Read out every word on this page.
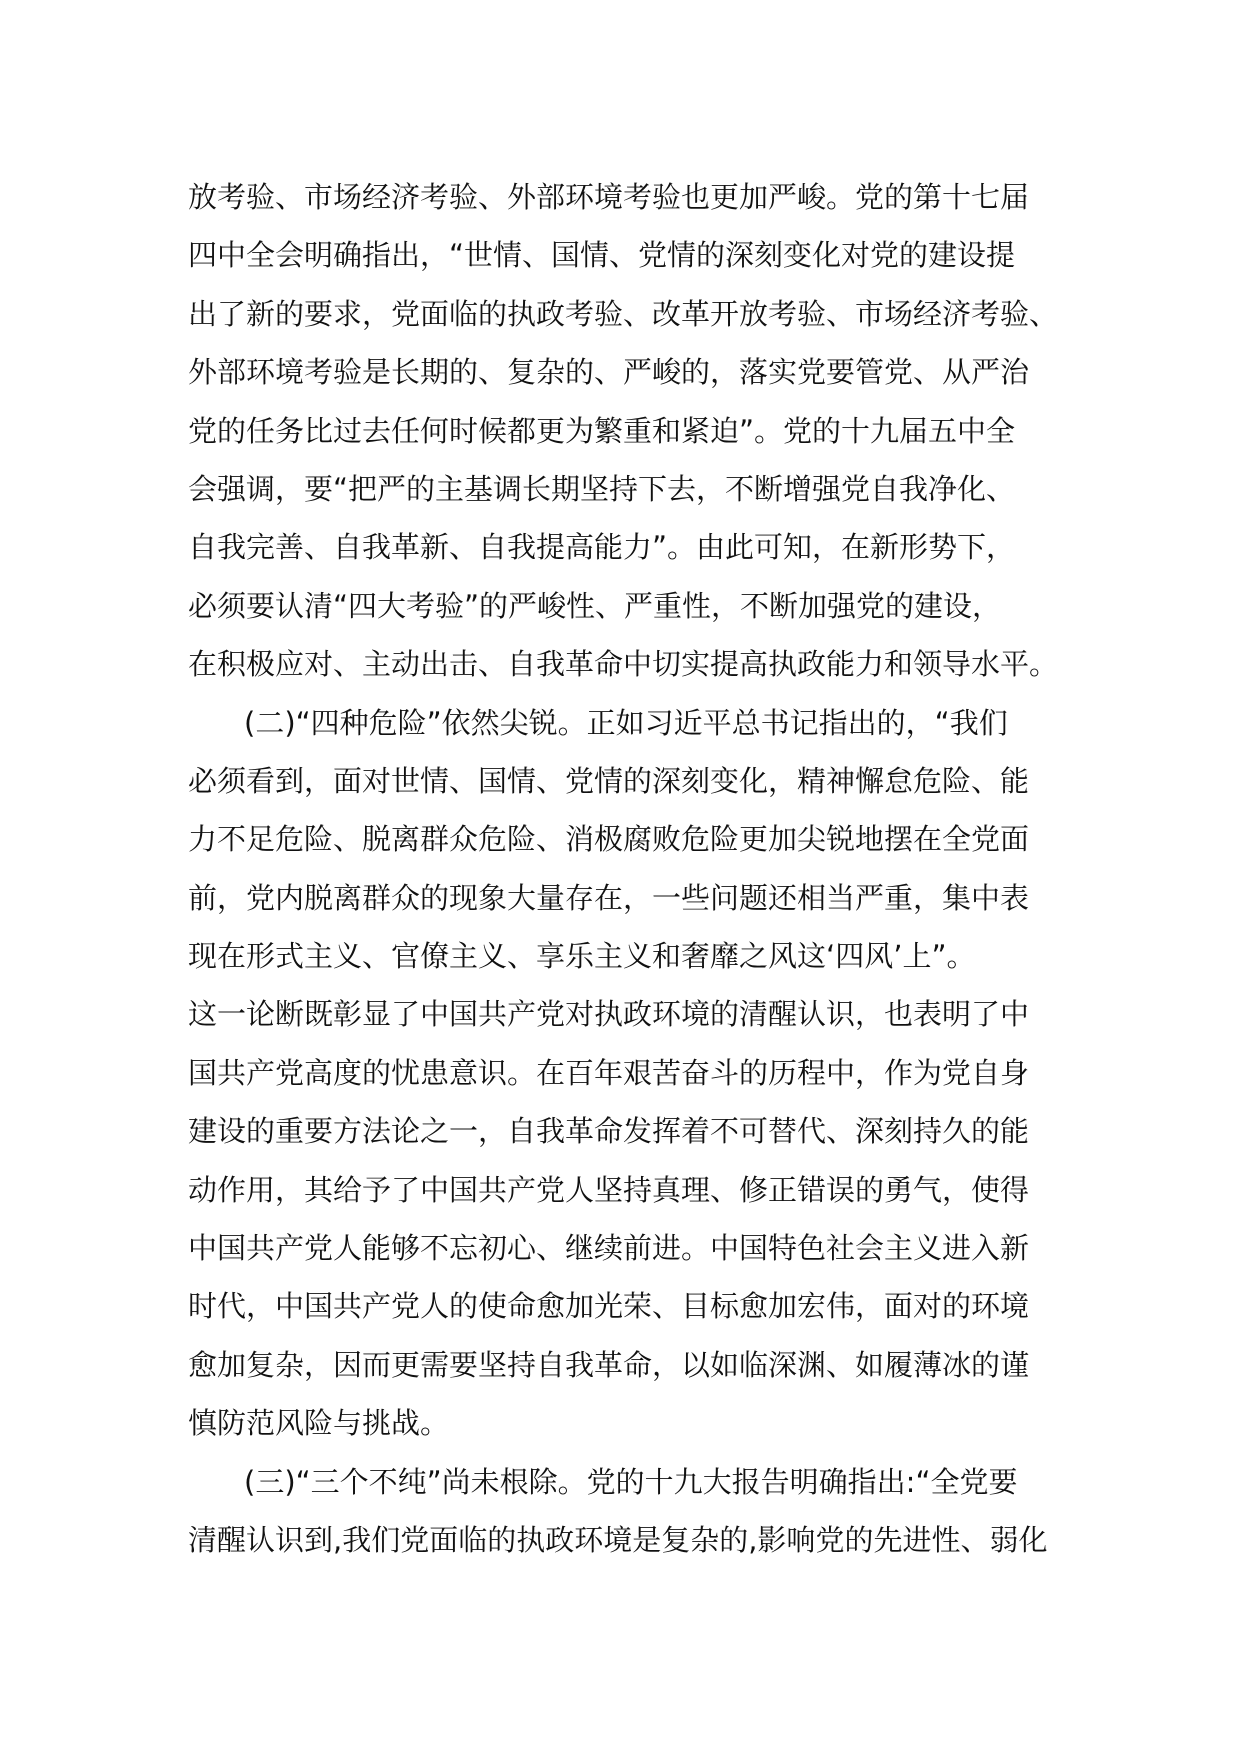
放考验、市场经济考验、外部环境考验也更加严峻。党的第十七届
四中全会明确指出，“世情、国情、党情的深刻变化对党的建设提
出了新的要求，党面临的执政考验、改革开放考验、市场经济考验、
外部环境考验是长期的、复杂的、严峻的，落实党要管党、从严治
党的任务比过去任何时候都更为繁重和紧迫”。党的十九届五中全
会强调，要“把严的主基调长期坚持下去，不断增强党自我净化、
自我完善、自我革新、自我提高能力”。由此可知，在新形势下，
必须要认清“四大考验”的严峻性、严重性，不断加强党的建设，
在积极应对、主动出击、自我革命中切实提高执政能力和领导水平。
(二)“四种危险”依然尖锐。正如习近平总书记指出的，“我们
必须看到，面对世情、国情、党情的深刻变化，精神懈怠危险、能
力不足危险、脱离群众危险、消极腐败危险更加尖锐地摆在全党面
前，党内脱离群众的现象大量存在，一些问题还相当严重，集中表
现在形式主义、官僚主义、享乐主义和奢靡之风这‘四风’上”。
这一论断既彰显了中国共产党对执政环境的清醒认识，也表明了中
国共产党高度的忧患意识。在百年艰苦奋斗的历程中，作为党自身
建设的重要方法论之一，自我革命发挥着不可替代、深刻持久的能
动作用，其给予了中国共产党人坚持真理、修正错误的勇气，使得
中国共产党人能够不忘初心、继续前进。中国特色社会主义进入新
时代，中国共产党人的使命愈加光荣、目标愈加宏伟，面对的环境
愈加复杂，因而更需要坚持自我革命，以如临深渊、如履薄冰的谨
慎防范风险与挑战。
(三)“三个不纯”尚未根除。党的十九大报告明确指出:“全党要
清醒认识到,我们党面临的执政环境是复杂的,影响党的先进性、弱化
